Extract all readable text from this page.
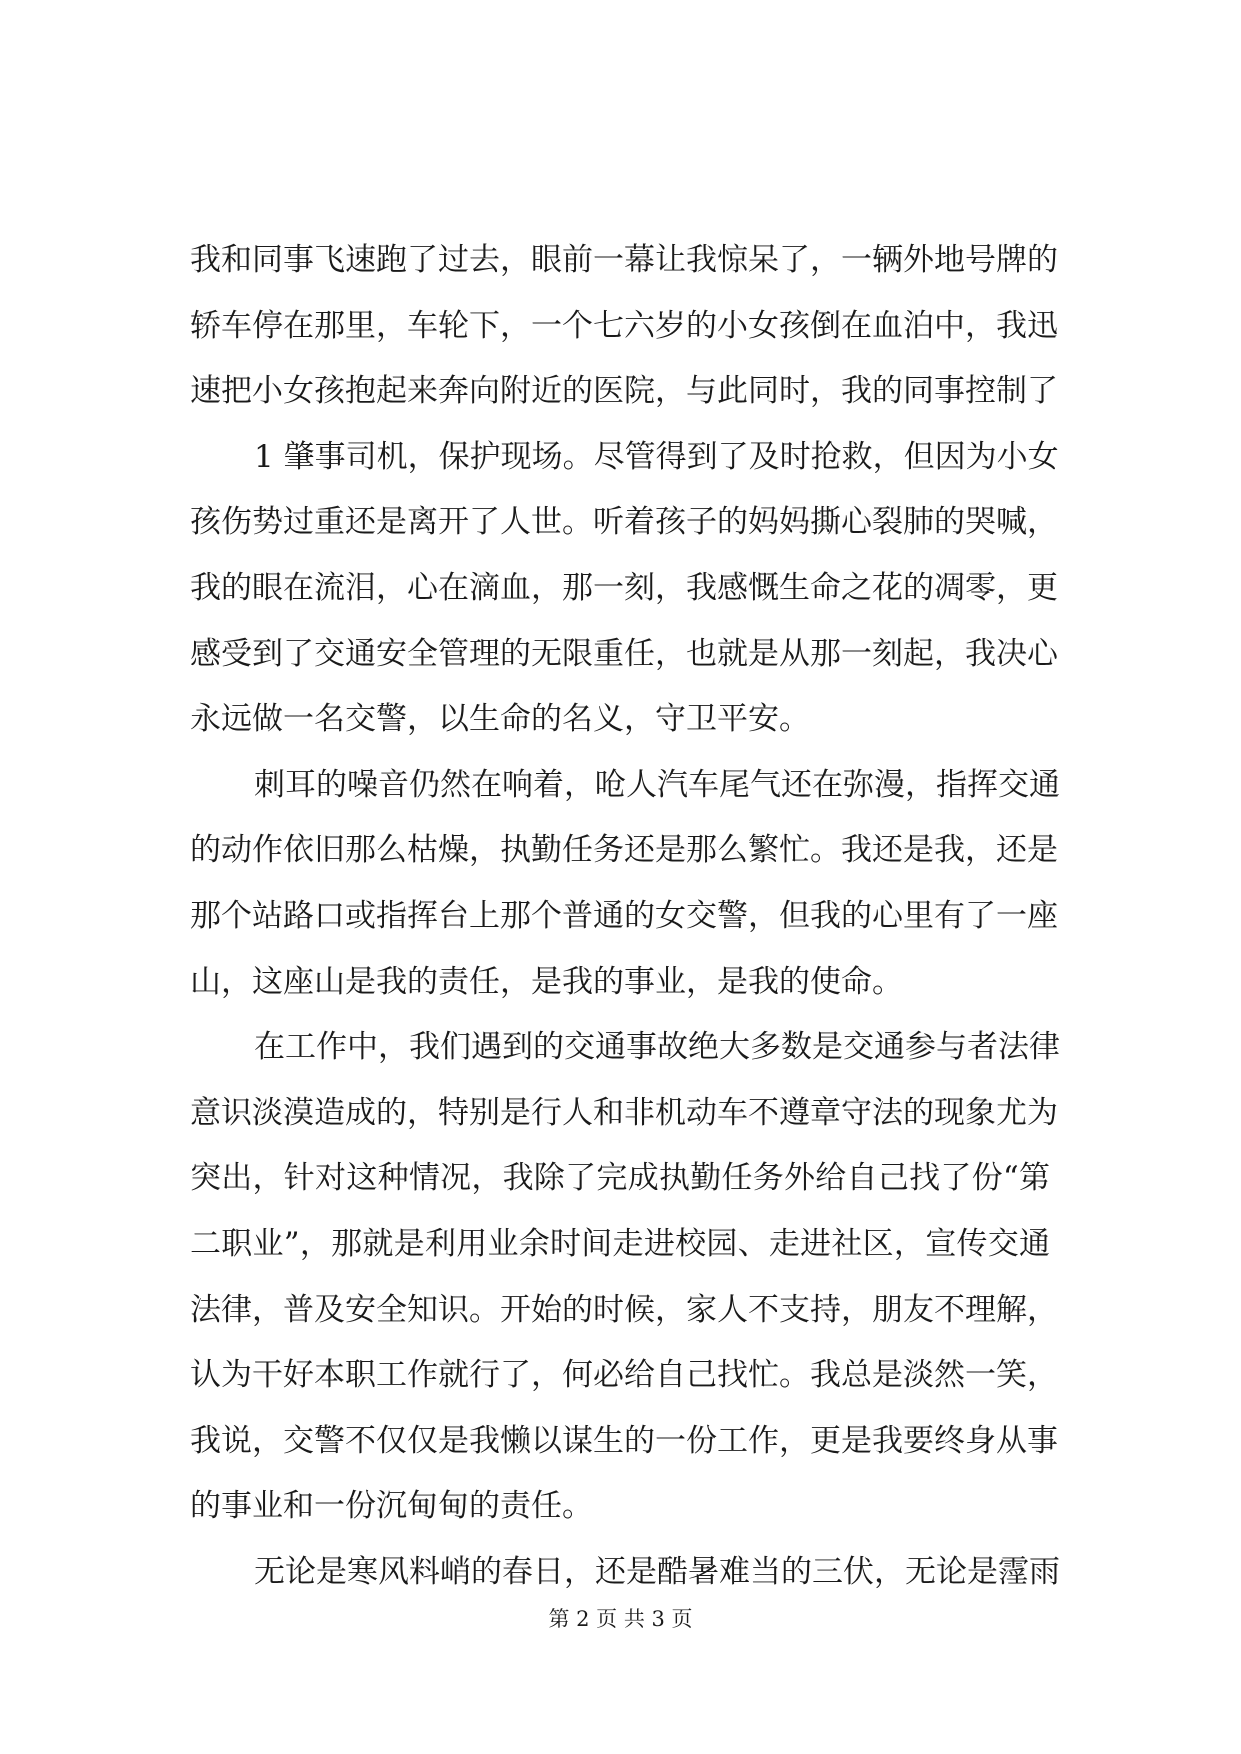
我和同事飞速跑了过去，眼前一幕让我惊呆了，一辆外地号牌的
轿车停在那里，车轮下，一个七六岁的小女孩倒在血泊中，我迅
速把小女孩抱起来奔向附近的医院，与此同时，我的同事控制了
1 肇事司机，保护现场。尽管得到了及时抢救，但因为小女
孩伤势过重还是离开了人世。听着孩子的妈妈撕心裂肺的哭喊，
我的眼在流泪，心在滴血，那一刻，我感慨生命之花的凋零，更
感受到了交通安全管理的无限重任，也就是从那一刻起，我决心
永远做一名交警，以生命的名义，守卫平安。
刺耳的噪音仍然在响着，呛人汽车尾气还在弥漫，指挥交通
的动作依旧那么枯燥，执勤任务还是那么繁忙。我还是我，还是
那个站路口或指挥台上那个普通的女交警，但我的心里有了一座
山，这座山是我的责任，是我的事业，是我的使命。
在工作中，我们遇到的交通事故绝大多数是交通参与者法律
意识淡漠造成的，特别是行人和非机动车不遵章守法的现象尤为
突出，针对这种情况，我除了完成执勤任务外给自己找了份“第
二职业”，那就是利用业余时间走进校园、走进社区，宣传交通
法律，普及安全知识。开始的时候，家人不支持，朋友不理解，
认为干好本职工作就行了，何必给自己找忙。我总是淡然一笑，
我说，交警不仅仅是我懒以谋生的一份工作，更是我要终身从事
的事业和一份沉甸甸的责任。
无论是寒风料峭的春日，还是酷暑难当的三伏，无论是霪雨
第 2 页 共 3 页
